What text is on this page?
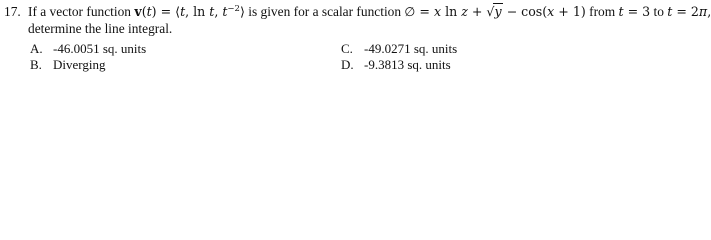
17. If a vector function v(t) = ⟨t, ln t, $t^{-2}⟩$ is given for a scalar function ∅ = x ln z + √y − cos(x + 1) from t = 3 to t = 2π,
determine the line integral.
A. -46.0051 sq. units
B. Diverging
C. -49.0271 sq. units
D. -9.3813 sq. units
